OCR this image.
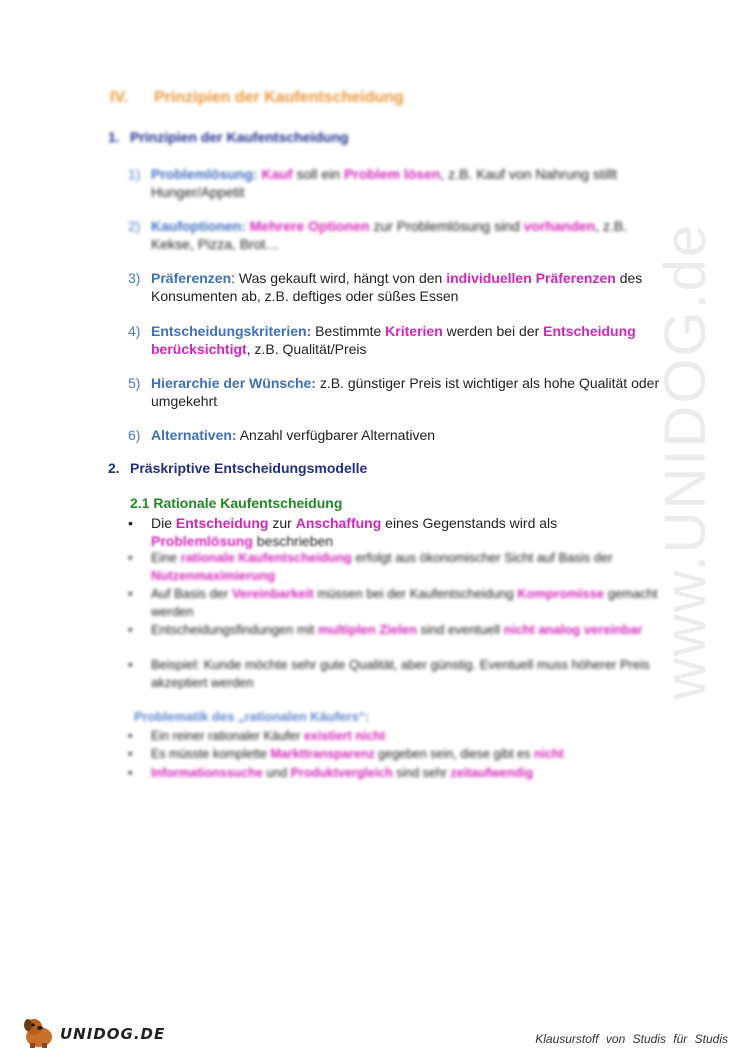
IV. Prinzipien der Kaufentscheidung
1. Prinzipien der Kaufentscheidung
1) Problemlösung: Kauf soll ein Problem lösen, z.B. Kauf von Nahrung stillt Hunger/Appetit
2) Kaufoptionen: Mehrere Optionen zur Problemlösung sind vorhanden, z.B. Kekse, Pizza, Brot…
3) Präferenzen: Was gekauft wird, hängt von den individuellen Präferenzen des Konsumenten ab, z.B. deftiges oder süßes Essen
4) Entscheidungskriterien: Bestimmte Kriterien werden bei der Entscheidung berücksichtigt, z.B. Qualität/Preis
5) Hierarchie der Wünsche: z.B. günstiger Preis ist wichtiger als hohe Qualität oder umgekehrt
6) Alternativen: Anzahl verfügbarer Alternativen
2. Präskriptive Entscheidungsmodelle
2.1 Rationale Kaufentscheidung
• Die Entscheidung zur Anschaffung eines Gegenstands wird als Problemlösung beschrieben
• Eine rationale Kaufentscheidung erfolgt aus ökonomischer Sicht auf Basis der Nutzenmaximierung
• Auf Basis der Vereinbarkeit müssen bei der Kaufentscheidung Kompromisse gemacht werden
• Entscheidungsfindungen mit multiplen Zielen sind eventuell nicht analog vereinbar
• Beispiel: Kunde möchte sehr gute Qualität, aber günstig. Eventuell muss höherer Preis akzeptiert werden
Problematik des „rationalen Käufers“:
• Ein reiner rationaler Käufer existiert nicht
• Es müsste komplette Markttransparenz gegeben sein, diese gibt es nicht
• Informationssuche und Produktvergleich sind sehr zeitaufwendig
www.UNIDOG.de
UNIDOG.DE	Klausurstoff von Studis für Studis
